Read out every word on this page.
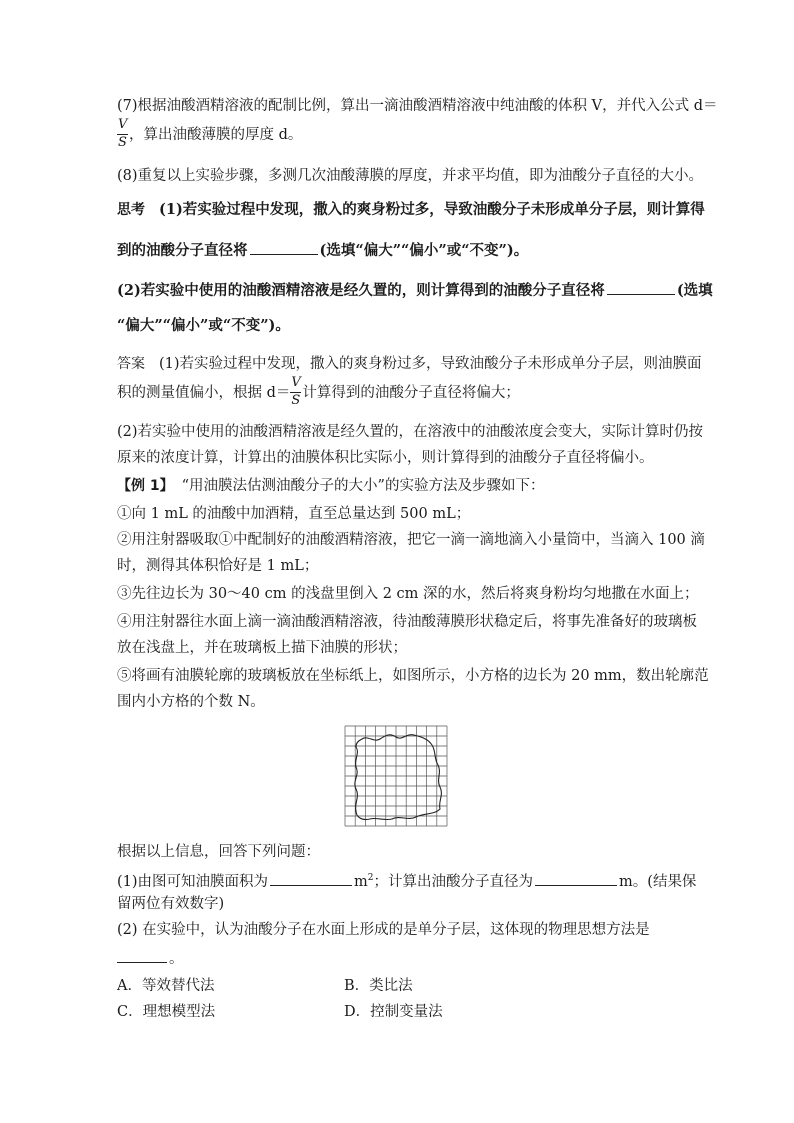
(7)根据油酸酒精溶液的配制比例，算出一滴油酸酒精溶液中纯油酸的体积 V，并代入公式 d＝
$\frac{V}{S}$ ，算出油酸薄膜的厚度 d。
(8)重复以上实验步骤，多测几次油酸薄膜的厚度，并求平均值，即为油酸分子直径的大小。
思考 (1)若实验过程中发现，撒入的爽身粉过多，导致油酸分子未形成单分子层，则计算得
到的油酸分子直径将	(选填“偏大”“偏小”或“不变”)。
(2)若实验中使用的油酸酒精溶液是经久置的，则计算得到的油酸分子直径将	(选填
“偏大”“偏小”或“不变”)。
答案 (1)若实验过程中发现，撒入的爽身粉过多，导致油酸分子未形成单分子层，则油膜面
积的测量值偏小，根据 $d= \frac{V}{S}$ 计算得到的油酸分子直径将偏大；
(2)若实验中使用的油酸酒精溶液是经久置的，在溶液中的油酸浓度会变大，实际计算时仍按
原来的浓度计算，计算出的油膜体积比实际小，则计算得到的油酸分子直径将偏小。
【例 1】 “用油膜法估测油酸分子的大小”的实验方法及步骤如下：
①向 1 mL 的油酸中加酒精，直至总量达到 500 mL；
②用注射器吸取①中配制好的油酸酒精溶液，把它一滴一滴地滴入小量筒中，当滴入 100 滴
时，测得其体积恰好是 1 mL；
③先往边长为 30～40 cm 的浅盘里倒入 2 cm 深的水，然后将爽身粉均匀地撒在水面上；
④用注射器往水面上滴一滴油酸酒精溶液，待油酸薄膜形状稳定后，将事先准备好的玻璃板
放在浅盘上，并在玻璃板上描下油膜的形状；
⑤将画有油膜轮廓的玻璃板放在坐标纸上，如图所示，小方格的边长为 20 mm，数出轮廓范
围内小方格的个数 N。
根据以上信息，回答下列问题：
(1)由图可知油膜面积为	$m^2$；计算出油酸分子直径为	m。(结果保
留两位有效数字)
(2) 在实验中，认为油酸分子在水面上形成的是单分子层，这体现的物理思想方法是
。
A．等效替代法	B．类比法
C．理想模型法	D．控制变量法
